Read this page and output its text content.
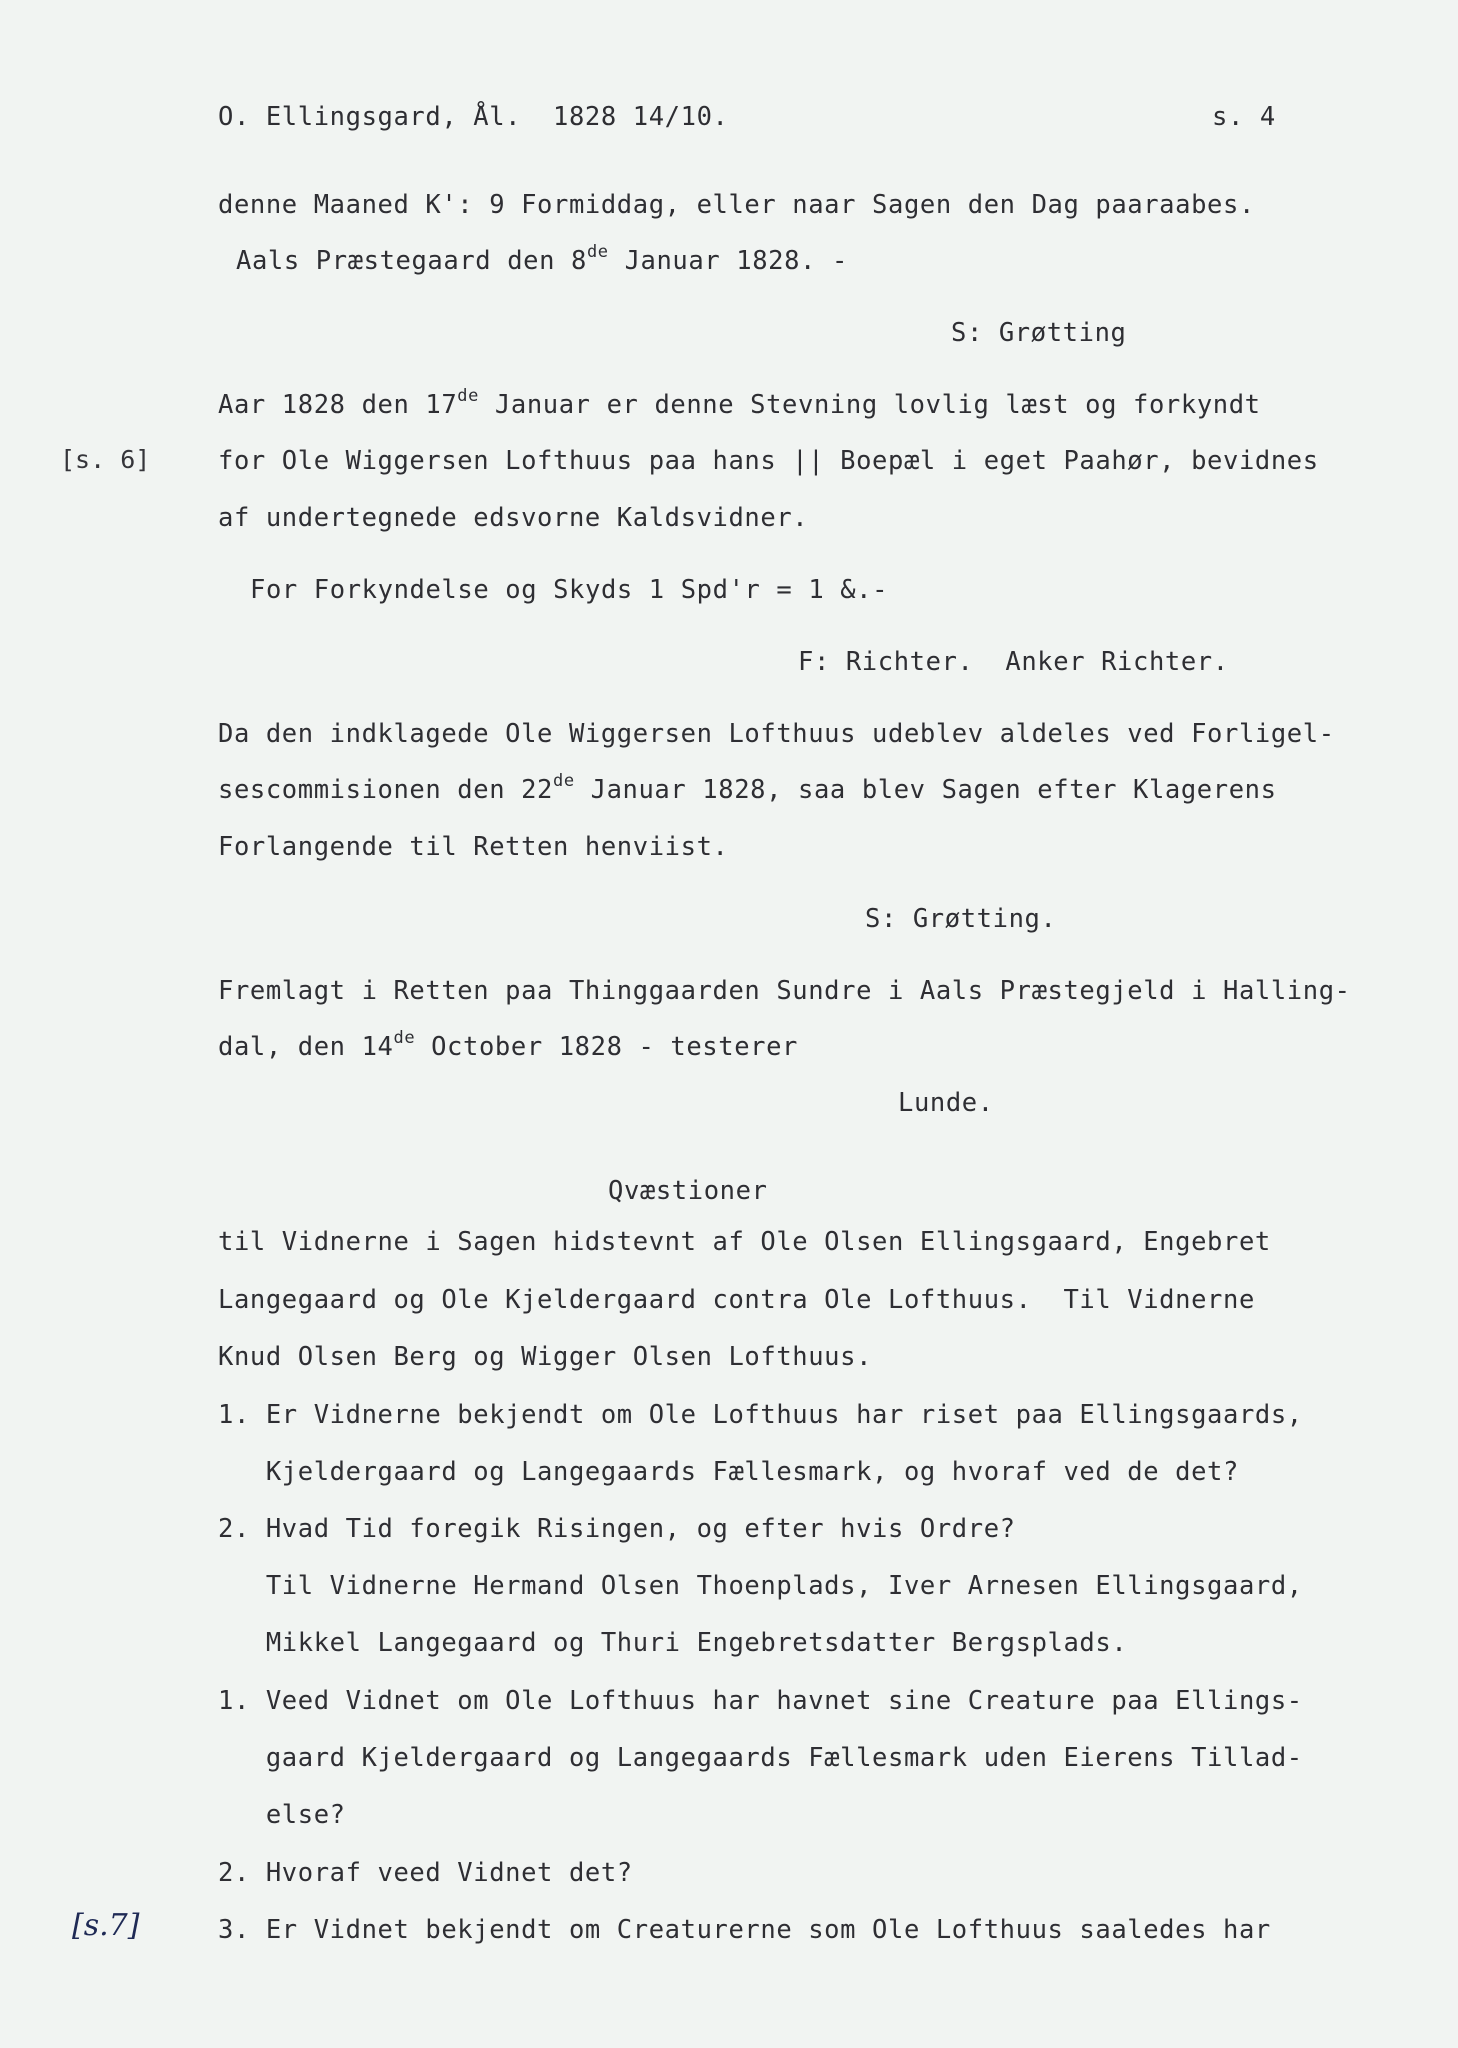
O. Ellingsgard, Ål.  1828 14/10.	s. 4
denne Maaned K': 9 Formiddag, eller naar Sagen den Dag paaraabes.
Aals Præstegaard den 8de Januar 1828. -
S: Grøtting
[s. 6]
Aar 1828 den 17de Januar er denne Stevning lovlig læst og forkyndt
for Ole Wiggersen Lofthuus paa hans || Boepæl i eget Paahør, bevidnes
af undertegnede edsvorne Kaldsvidner.
For Forkyndelse og Skyds 1 Spd'r = 1 &.-
F: Richter.  Anker Richter.
Da den indklagede Ole Wiggersen Lofthuus udeblev aldeles ved Forligel-
sescommisionen den 22de Januar 1828, saa blev Sagen efter Klagerens
Forlangende til Retten henviist.
S: Grøtting.
Fremlagt i Retten paa Thinggaarden Sundre i Aals Præstegjeld i Halling-
dal, den 14de October 1828 - testerer
Lunde.
Qvæstioner
til Vidnerne i Sagen hidstevnt af Ole Olsen Ellingsgaard, Engebret
Langegaard og Ole Kjeldergaard contra Ole Lofthuus.  Til Vidnerne
Knud Olsen Berg og Wigger Olsen Lofthuus.
1. Er Vidnerne bekjendt om Ole Lofthuus har riset paa Ellingsgaards,
Kjeldergaard og Langegaards Fællesmark, og hvoraf ved de det?
2. Hvad Tid foregik Risingen, og efter hvis Ordre?
Til Vidnerne Hermand Olsen Thoenplads, Iver Arnesen Ellingsgaard,
Mikkel Langegaard og Thuri Engebretsdatter Bergsplads.
1. Veed Vidnet om Ole Lofthuus har havnet sine Creature paa Ellings-
gaard Kjeldergaard og Langegaards Fællesmark uden Eierens Tillad-
else?
2. Hvoraf veed Vidnet det?
[s.7]	3. Er Vidnet bekjendt om Creaturerne som Ole Lofthuus saaledes har
